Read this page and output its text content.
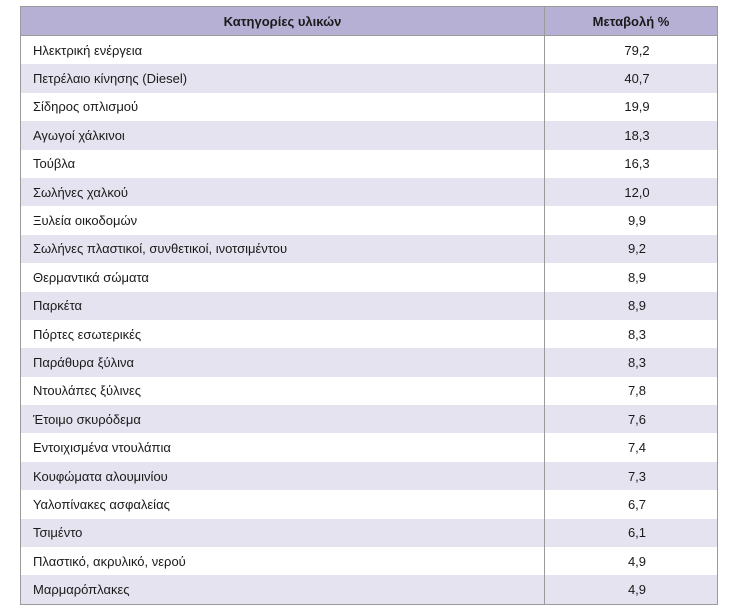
Κατηγορίες υλικών	Μεταβολή %
Ηλεκτρική ενέργεια	79,2
Πετρέλαιο κίνησης (Diesel)	40,7
Σίδηρος οπλισμού	19,9
Αγωγοί χάλκινοι	18,3
Τούβλα	16,3
Σωλήνες χαλκού	12,0
Ξυλεία οικοδομών	9,9
Σωλήνες πλαστικοί, συνθετικοί, ινοτσιμέντου	9,2
Θερμαντικά σώματα	8,9
Παρκέτα	8,9
Πόρτες εσωτερικές	8,3
Παράθυρα ξύλινα	8,3
Ντουλάπες ξύλινες	7,8
Έτοιμο σκυρόδεμα	7,6
Εντοιχισμένα ντουλάπια	7,4
Κουφώματα αλουμινίου	7,3
Υαλοπίνακες ασφαλείας	6,7
Τσιμέντο	6,1
Πλαστικό, ακρυλικό, νερού	4,9
Μαρμαρόπλακες	4,9
